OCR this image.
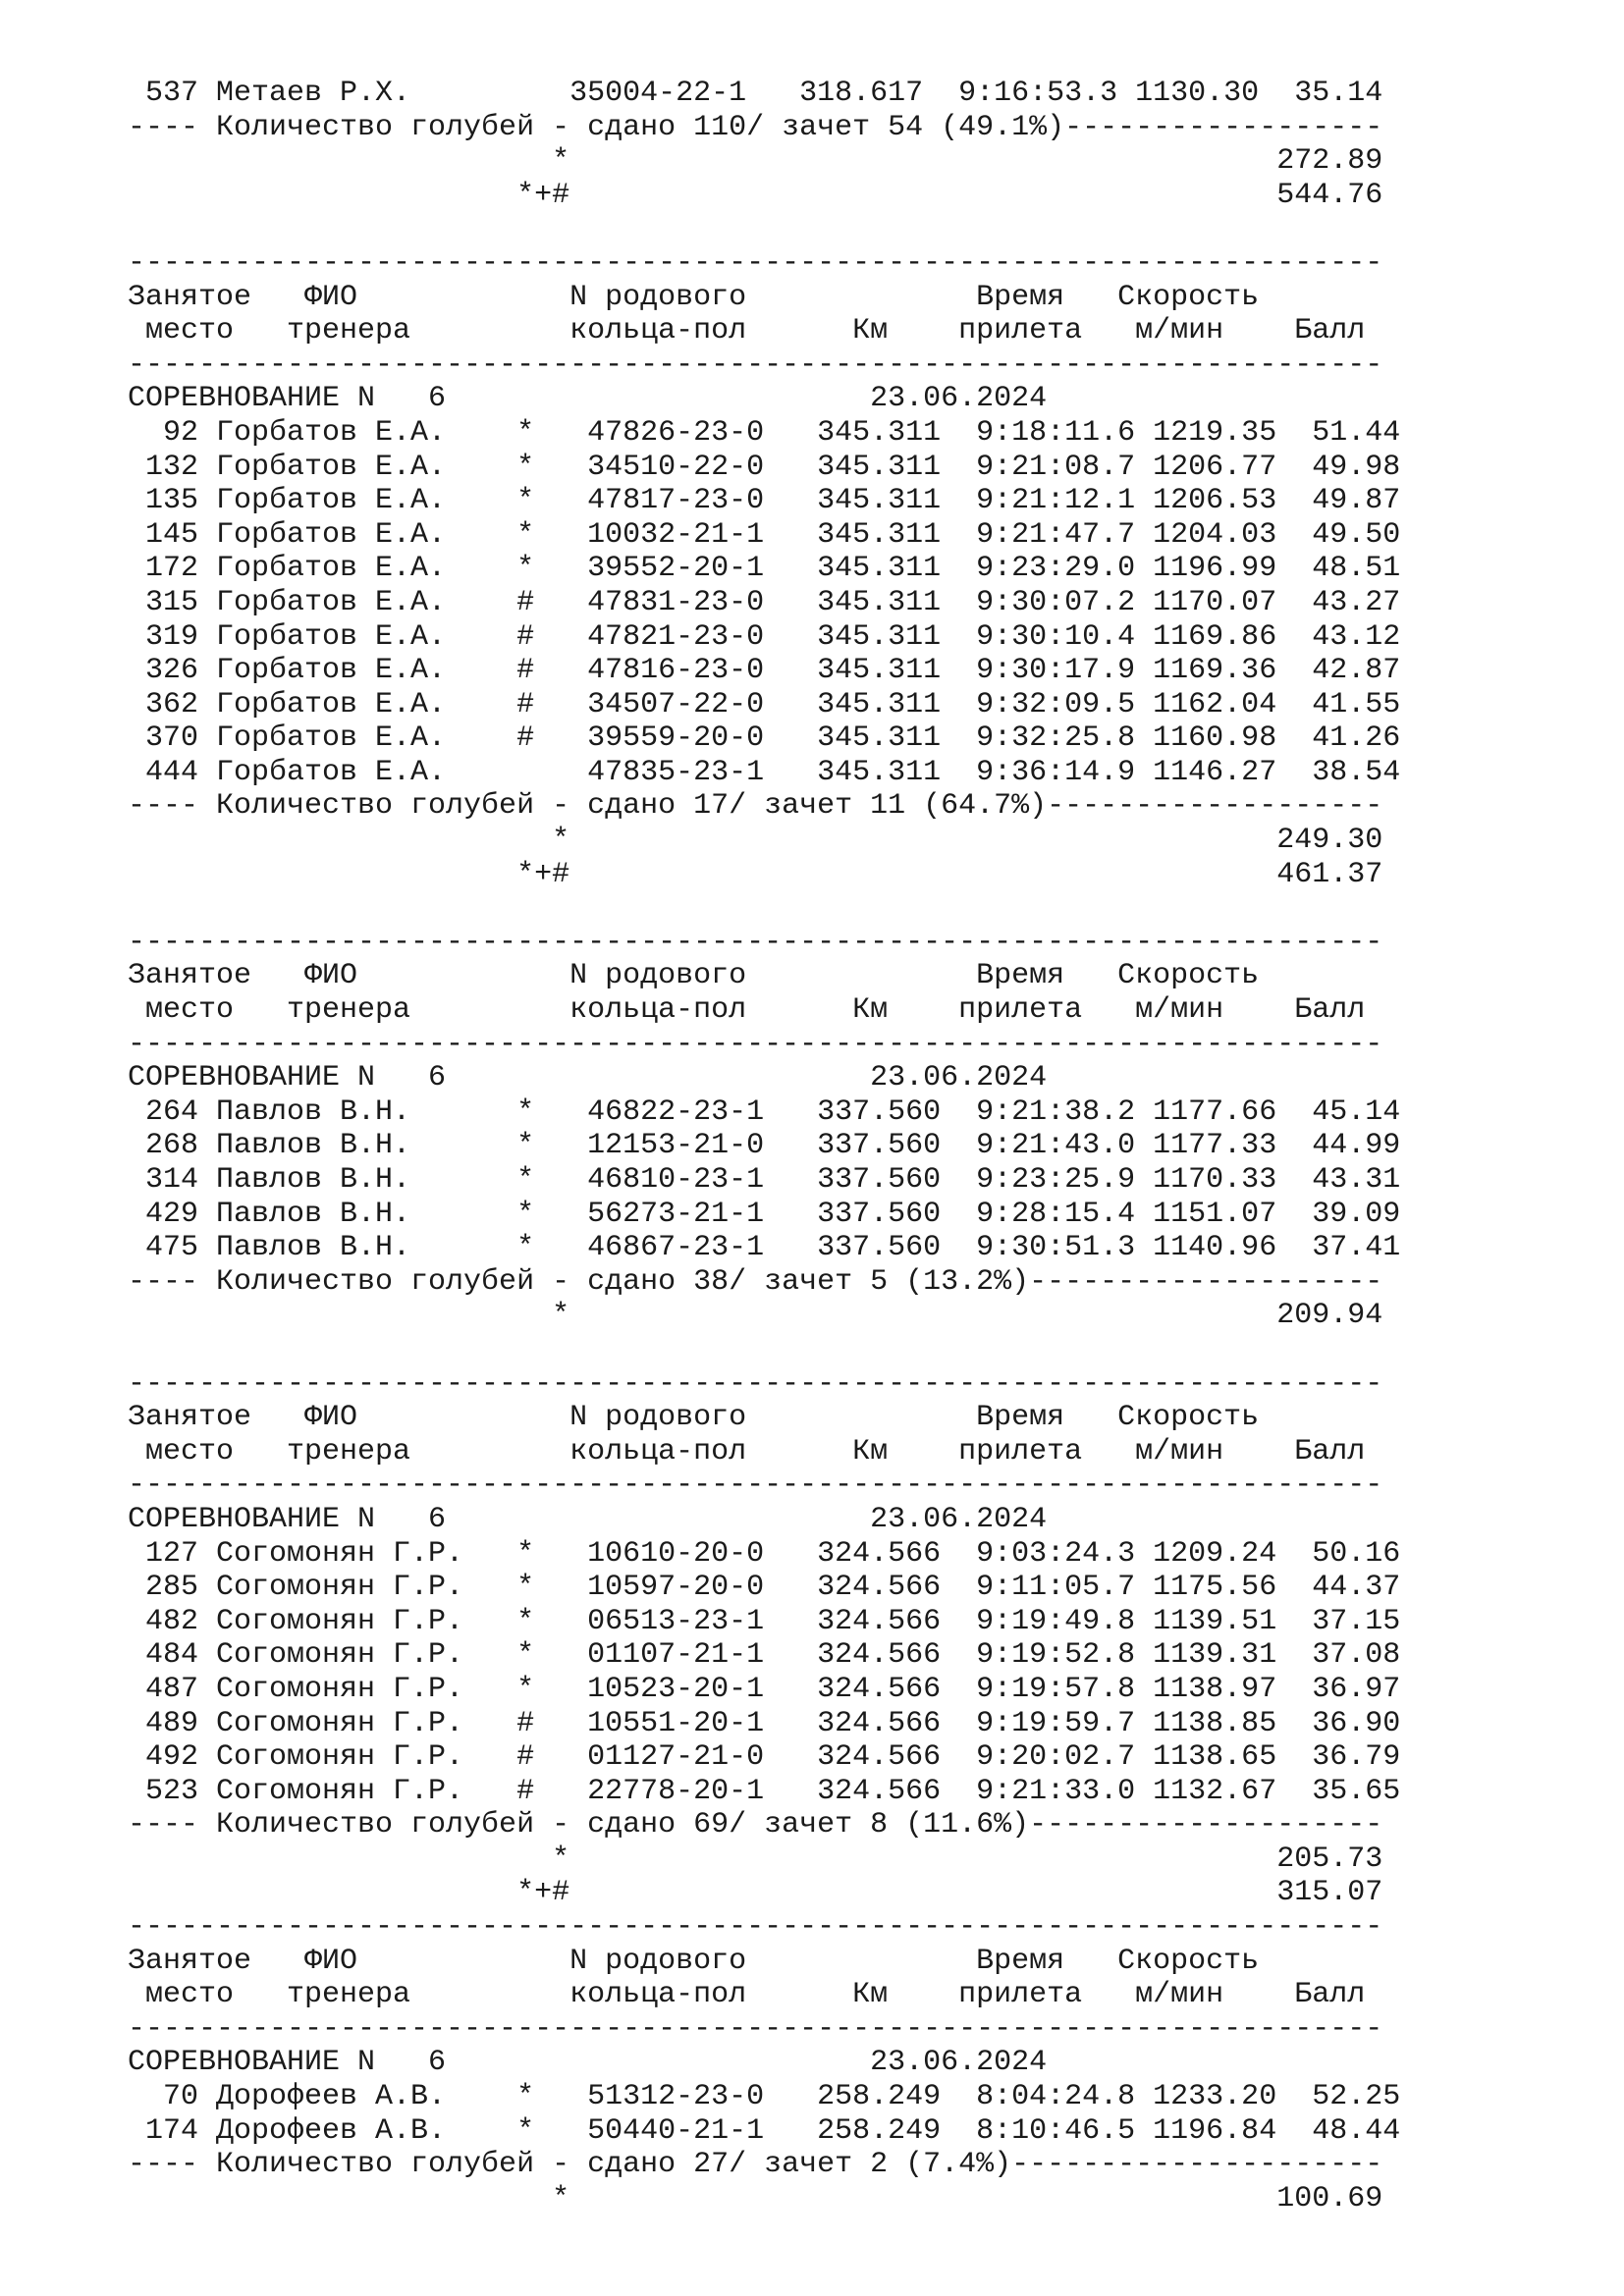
537 Метаев Р.Х.         35004-22-1   318.617  9:16:53.3 1130.30  35.14
---- Количество голубей - сдано 110/ зачет 54 (49.1%)------------------
*                                        272.89
*+#                                        544.76
-----------------------------------------------------------------------
Занятое   ФИО            N родового             Время   Скорость
место   тренера         кольца-пол      Км    прилета   м/мин    Балл
-----------------------------------------------------------------------
СОРЕВНОВАНИЕ N   6                        23.06.2024
92 Горбатов Е.А.    *   47826-23-0   345.311  9:18:11.6 1219.35  51.44
132 Горбатов Е.А.    *   34510-22-0   345.311  9:21:08.7 1206.77  49.98
135 Горбатов Е.А.    *   47817-23-0   345.311  9:21:12.1 1206.53  49.87
145 Горбатов Е.А.    *   10032-21-1   345.311  9:21:47.7 1204.03  49.50
172 Горбатов Е.А.    *   39552-20-1   345.311  9:23:29.0 1196.99  48.51
315 Горбатов Е.А.    #   47831-23-0   345.311  9:30:07.2 1170.07  43.27
319 Горбатов Е.А.    #   47821-23-0   345.311  9:30:10.4 1169.86  43.12
326 Горбатов Е.А.    #   47816-23-0   345.311  9:30:17.9 1169.36  42.87
362 Горбатов Е.А.    #   34507-22-0   345.311  9:32:09.5 1162.04  41.55
370 Горбатов Е.А.    #   39559-20-0   345.311  9:32:25.8 1160.98  41.26
444 Горбатов Е.А.        47835-23-1   345.311  9:36:14.9 1146.27  38.54
---- Количество голубей - сдано 17/ зачет 11 (64.7%)-------------------
*                                        249.30
*+#                                        461.37
-----------------------------------------------------------------------
Занятое   ФИО            N родового             Время   Скорость
место   тренера         кольца-пол      Км    прилета   м/мин    Балл
-----------------------------------------------------------------------
СОРЕВНОВАНИЕ N   6                        23.06.2024
264 Павлов В.Н.      *   46822-23-1   337.560  9:21:38.2 1177.66  45.14
268 Павлов В.Н.      *   12153-21-0   337.560  9:21:43.0 1177.33  44.99
314 Павлов В.Н.      *   46810-23-1   337.560  9:23:25.9 1170.33  43.31
429 Павлов В.Н.      *   56273-21-1   337.560  9:28:15.4 1151.07  39.09
475 Павлов В.Н.      *   46867-23-1   337.560  9:30:51.3 1140.96  37.41
---- Количество голубей - сдано 38/ зачет 5 (13.2%)--------------------
*                                        209.94
-----------------------------------------------------------------------
Занятое   ФИО            N родового             Время   Скорость
место   тренера         кольца-пол      Км    прилета   м/мин    Балл
-----------------------------------------------------------------------
СОРЕВНОВАНИЕ N   6                        23.06.2024
127 Согомонян Г.Р.   *   10610-20-0   324.566  9:03:24.3 1209.24  50.16
285 Согомонян Г.Р.   *   10597-20-0   324.566  9:11:05.7 1175.56  44.37
482 Согомонян Г.Р.   *   06513-23-1   324.566  9:19:49.8 1139.51  37.15
484 Согомонян Г.Р.   *   01107-21-1   324.566  9:19:52.8 1139.31  37.08
487 Согомонян Г.Р.   *   10523-20-1   324.566  9:19:57.8 1138.97  36.97
489 Согомонян Г.Р.   #   10551-20-1   324.566  9:19:59.7 1138.85  36.90
492 Согомонян Г.Р.   #   01127-21-0   324.566  9:20:02.7 1138.65  36.79
523 Согомонян Г.Р.   #   22778-20-1   324.566  9:21:33.0 1132.67  35.65
---- Количество голубей - сдано 69/ зачет 8 (11.6%)--------------------
*                                        205.73
*+#                                        315.07
-----------------------------------------------------------------------
Занятое   ФИО            N родового             Время   Скорость
место   тренера         кольца-пол      Км    прилета   м/мин    Балл
-----------------------------------------------------------------------
СОРЕВНОВАНИЕ N   6                        23.06.2024
70 Дорофеев А.В.    *   51312-23-0   258.249  8:04:24.8 1233.20  52.25
174 Дорофеев А.В.    *   50440-21-1   258.249  8:10:46.5 1196.84  48.44
---- Количество голубей - сдано 27/ зачет 2 (7.4%)---------------------
*                                        100.69
